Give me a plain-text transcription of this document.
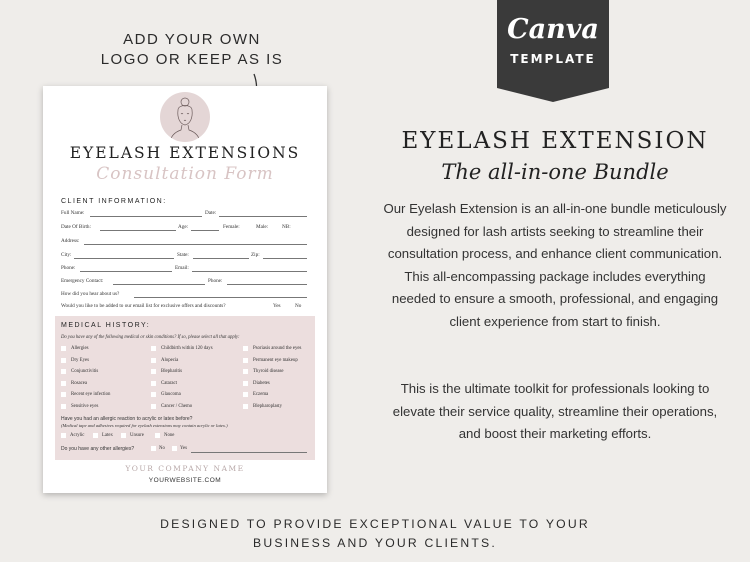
Canva
TEMPLATE
ADD YOUR OWN
LOGO OR KEEP AS IS
EYELASH EXTENSIONS
Consultation Form
CLIENT INFORMATION:
Full Name:	Date:
Date Of Birth:	Age:	Female:	Male:	NB:
Address:
City:	State:	Zip:
Phone:	Email:
Emergency Contact:	Phone:
How did you hear about us?
Would you like to be added to our email list for exclusive offers and discounts?	Yes	No
MEDICAL HISTORY:
Do you have any of the following medical or skin conditions? If so, please select all that apply:
Allergies	Childbirth within 120 days	Psoriasis around the eyes
Dry Eyes	Alopecia	Permanent eye makeup
Conjunctivitis	Blepharitis	Thyroid disease
Rosacea	Cataract	Diabetes
Recent eye infection	Glaucoma	Eczema
Sensitive eyes	Cancer / Chemo	Blepharoplasty
Have you had an allergic reaction to acrylic or latex before?
(Medical tape and adhesives required for eyelash extensions may contain acrylic or latex.)
Acrylic	Latex	Unsure	None
Do you have any other allergies?	No	Yes
YOUR COMPANY NAME
YOURWEBSITE.COM
EYELASH EXTENSION
The all-in-one Bundle
Our Eyelash Extension is an all-in-one bundle meticulously designed for lash artists seeking to streamline their consultation process, and enhance client communication. This all-encompassing package includes everything needed to ensure a smooth, professional, and engaging client experience from start to finish.
This is the ultimate toolkit for professionals looking to elevate their service quality, streamline their operations, and boost their marketing efforts.
DESIGNED TO PROVIDE EXCEPTIONAL VALUE TO YOUR
BUSINESS AND YOUR CLIENTS.
